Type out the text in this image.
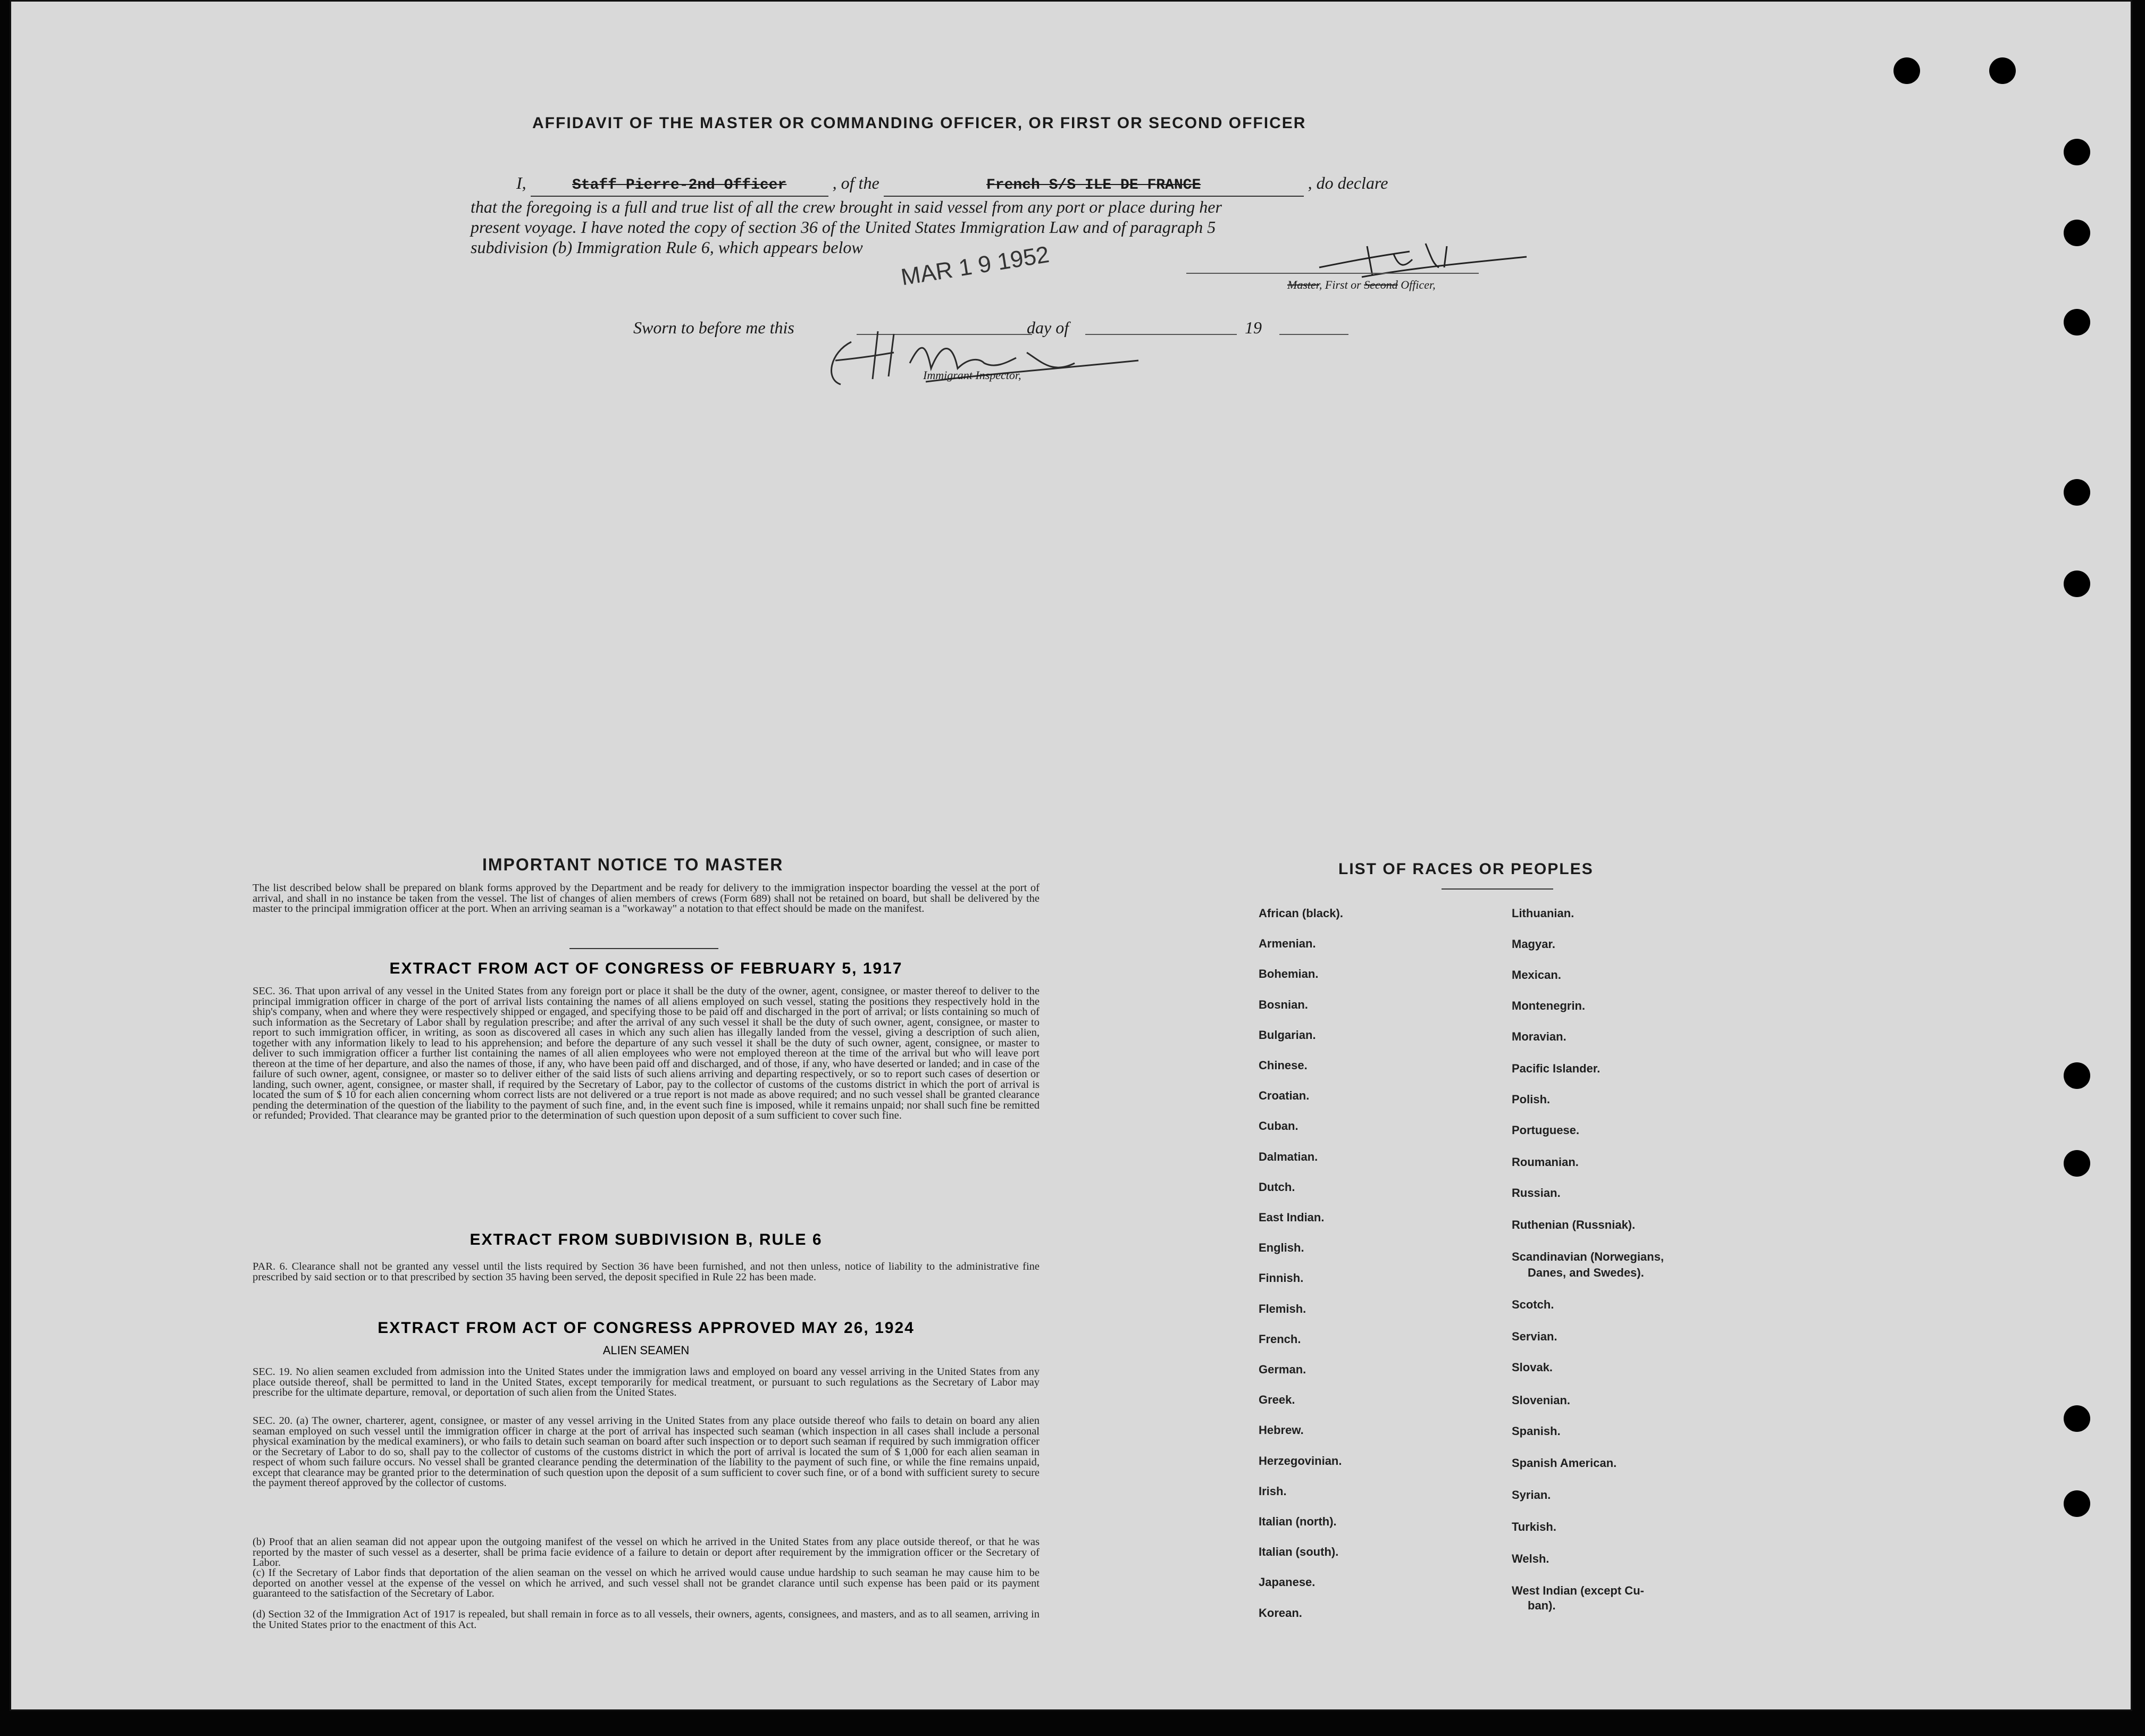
AFFIDAVIT OF THE MASTER OR COMMANDING OFFICER, OR FIRST OR SECOND OFFICER
I,	Staff Pierre-2nd Officer	, of the	French S/S ILE DE FRANCE	, do declare
that the foregoing is a full and true list of all the crew brought in said vessel from any port or place during her
present voyage. I have noted the copy of section 36 of the United States Immigration Law and of paragraph 5
subdivision (b) Immigration Rule 6, which appears below	MAR 1 9 1952	Master, First or Second Officer,
Sworn to before me this	day of	19
Immigrant Inspector,
IMPORTANT NOTICE TO MASTER
The list described below shall be prepared on blank forms approved by the Department and be ready for delivery to the immigration inspector boarding the vessel at the port of arrival, and shall in no instance be taken from the vessel. The list of changes of alien members of crews (Form 689) shall not be retained on board, but shall be delivered by the master to the principal immigration officer at the port. When an arriving seaman is a "workaway" a notation to that effect should be made on the manifest.
EXTRACT FROM ACT OF CONGRESS OF FEBRUARY 5, 1917
SEC. 36. That upon arrival of any vessel in the United States from any foreign port or place it shall be the duty of the owner, agent, consignee, or master thereof to deliver to the principal immigration officer in charge of the port of arrival lists containing the names of all aliens employed on such vessel, stating the positions they respectively hold in the ship's company, when and where they were respectively shipped or engaged, and specifying those to be paid off and discharged in the port of arrival; or lists containing so much of such information as the Secretary of Labor shall by regulation prescribe; and after the arrival of any such vessel it shall be the duty of such owner, agent, consignee, or master to report to such immigration officer, in writing, as soon as discovered all cases in which any such alien has illegally landed from the vessel, giving a description of such alien, together with any information likely to lead to his apprehension; and before the departure of any such vessel it shall be the duty of such owner, agent, consignee, or master to deliver to such immigration officer a further list containing the names of all alien employees who were not employed thereon at the time of the arrival but who will leave port thereon at the time of her departure, and also the names of those, if any, who have been paid off and discharged, and of those, if any, who have deserted or landed; and in case of the failure of such owner, agent, consignee, or master so to deliver either of the said lists of such aliens arriving and departing respectively, or so to report such cases of desertion or landing, such owner, agent, consignee, or master shall, if required by the Secretary of Labor, pay to the collector of customs of the customs district in which the port of arrival is located the sum of $ 10 for each alien concerning whom correct lists are not delivered or a true report is not made as above required; and no such vessel shall be granted clearance pending the determination of the question of the liability to the payment of such fine, and, in the event such fine is imposed, while it remains unpaid; nor shall such fine be remitted or refunded; Provided. That clearance may be granted prior to the determination of such question upon deposit of a sum sufficient to cover such fine.
EXTRACT FROM SUBDIVISION B, RULE 6
PAR. 6. Clearance shall not be granted any vessel until the lists required by Section 36 have been furnished, and not then unless, notice of liability to the administrative fine prescribed by said section or to that prescribed by section 35 having been served, the deposit specified in Rule 22 has been made.
EXTRACT FROM ACT OF CONGRESS APPROVED MAY 26, 1924
ALIEN SEAMEN
SEC. 19. No alien seamen excluded from admission into the United States under the immigration laws and employed on board any vessel arriving in the United States from any place outside thereof, shall be permitted to land in the United States, except temporarily for medical treatment, or pursuant to such regulations as the Secretary of Labor may prescribe for the ultimate departure, removal, or deportation of such alien from the United States.
SEC. 20. (a) The owner, charterer, agent, consignee, or master of any vessel arriving in the United States from any place outside thereof who fails to detain on board any alien seaman employed on such vessel until the immigration officer in charge at the port of arrival has inspected such seaman (which inspection in all cases shall include a personal physical examination by the medical examiners), or who fails to detain such seaman on board after such inspection or to deport such seaman if required by such immigration officer or the Secretary of Labor to do so, shall pay to the collector of customs of the customs district in which the port of arrival is located the sum of $ 1,000 for each alien seaman in respect of whom such failure occurs. No vessel shall be granted clearance pending the determination of the liability to the payment of such fine, or while the fine remains unpaid, except that clearance may be granted prior to the determination of such question upon the deposit of a sum sufficient to cover such fine, or of a bond with sufficient surety to secure the payment thereof approved by the collector of customs.
(b) Proof that an alien seaman did not appear upon the outgoing manifest of the vessel on which he arrived in the United States from any place outside thereof, or that he was reported by the master of such vessel as a deserter, shall be prima facie evidence of a failure to detain or deport after requirement by the immigration officer or the Secretary of Labor.
(c) If the Secretary of Labor finds that deportation of the alien seaman on the vessel on which he arrived would cause undue hardship to such seaman he may cause him to be deported on another vessel at the expense of the vessel on which he arrived, and such vessel shall not be grandet clarance until such expense has been paid or its payment guaranteed to the satisfaction of the Secretary of Labor.
(d) Section 32 of the Immigration Act of 1917 is repealed, but shall remain in force as to all vessels, their owners, agents, consignees, and masters, and as to all seamen, arriving in the United States prior to the enactment of this Act.
LIST OF RACES OR PEOPLES
African (black).
Armenian.
Bohemian.
Bosnian.
Bulgarian.
Chinese.
Croatian.
Cuban.
Dalmatian.
Dutch.
East Indian.
English.
Finnish.
Flemish.
French.
German.
Greek.
Hebrew.
Herzegovinian.
Irish.
Italian (north).
Italian (south).
Japanese.
Korean.
Lithuanian.
Magyar.
Mexican.
Montenegrin.
Moravian.
Pacific Islander.
Polish.
Portuguese.
Roumanian.
Russian.
Ruthenian (Russniak).
Scandinavian (Norwegians,
Danes, and Swedes).
Scotch.
Servian.
Slovak.
Slovenian.
Spanish.
Spanish American.
Syrian.
Turkish.
Welsh.
West Indian (except Cu-
ban).
